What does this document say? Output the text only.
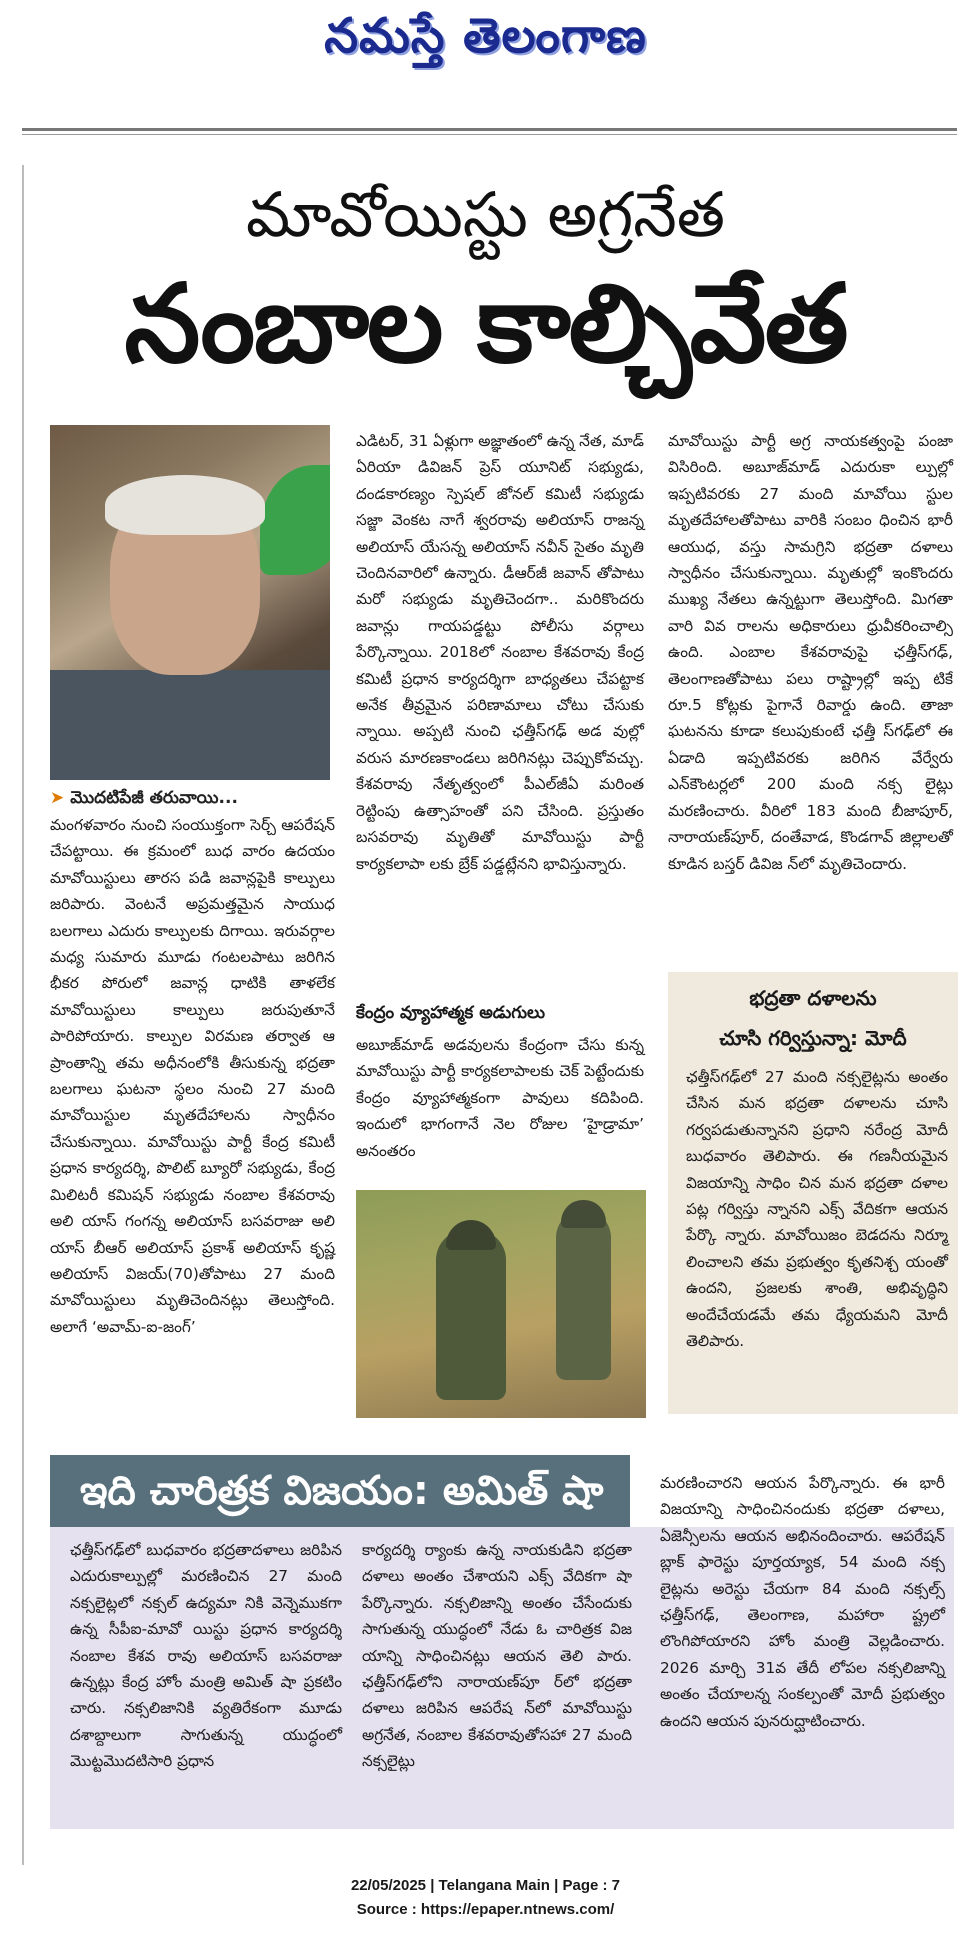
నమస్తే తెలంగాణ
మావోయిస్టు అగ్రనేత
నంబాల కాల్చివేత
➤ మొదటిపేజీ తరువాయి...
మంగళవారం నుంచి సంయుక్తంగా సెర్చ్ ఆపరేషన్ చేపట్టాయి. ఈ క్రమంలో బుధ వారం ఉదయం మావోయిస్టులు తారస పడి జవాన్లపైకి కాల్పులు జరిపారు. వెంటనే అప్రమత్తమైన సాయుధ బలగాలు ఎదురు కాల్పులకు దిగాయి. ఇరువర్గాల మధ్య సుమారు మూడు గంటలపాటు జరిగిన భీకర పోరులో జవాన్ల ధాటికి తాళలేక మావోయిస్టులు కాల్పులు జరుపుతూనే పారిపోయారు. కాల్పుల విరమణ తర్వాత ఆ ప్రాంతాన్ని తమ అధీనంలోకి తీసుకున్న భద్రతా బలగాలు ఘటనా స్థలం నుంచి 27 మంది మావోయిస్టుల మృతదేహాలను స్వాధీనం చేసుకున్నాయి. మావోయిస్టు పార్టీ కేంద్ర కమిటీ ప్రధాన కార్యదర్శి, పొలిట్ బ్యూరో సభ్యుడు, కేంద్ర మిలిటరీ కమిషన్ సభ్యుడు నంబాల కేశవరావు అలి యాస్ గంగన్న అలియాస్ బసవరాజు అలి యాస్ బీఆర్ అలియాస్ ప్రకాశ్ అలియాస్ కృష్ణ అలియాస్ విజయ్(70)తోపాటు 27 మంది మావోయిస్టులు మృతిచెందినట్లు తెలుస్తోంది. అలాగే ‘అవామ్-ఐ-జంగ్’
ఎడిటర్, 31 ఏళ్లుగా అజ్ఞాతంలో ఉన్న నేత, మాడ్ ఏరియా డివిజన్ ప్రెస్ యూనిట్ సభ్యుడు, దండకారణ్యం స్పెషల్ జోనల్ కమిటీ సభ్యుడు సజ్జా వెంకట నాగే శ్వరరావు అలియాస్ రాజన్న అలియాస్ యేసన్న అలియాస్ నవీన్ సైతం మృతి చెందినవారిలో ఉన్నారు. డీఆర్‌జీ జవాన్ తోపాటు మరో సభ్యుడు మృతిచెందగా.. మరికొందరు జవాన్లు గాయపడ్డట్టు పోలీసు వర్గాలు పేర్కొన్నాయి. 2018లో నంబాల కేశవరావు కేంద్ర కమిటీ ప్రధాన కార్యదర్శిగా బాధ్యతలు చేపట్టాక అనేక తీవ్రమైన పరిణామాలు చోటు చేసుకు న్నాయి. అప్పటి నుంచి ఛత్తీస్‌గఢ్ అడ వుల్లో వరుస మారణకాండలు జరిగినట్లు చెప్పుకోవచ్చు. కేశవరావు నేతృత్వంలో పీఎల్‌జీఏ మరింత రెట్టింపు ఉత్సాహంతో పని చేసింది. ప్రస్తుతం బసవరావు మృతితో మావోయిస్టు పార్టీ కార్యకలాపా లకు బ్రేక్ పడ్డట్లేనని భావిస్తున్నారు.
కేంద్రం వ్యూహాత్మక అడుగులు
అబూజ్‌మాడ్ అడవులను కేంద్రంగా చేసు కున్న మావోయిస్టు పార్టీ కార్యకలాపాలకు చెక్ పెట్టేందుకు కేంద్రం వ్యూహాత్మకంగా పావులు కదిపింది. ఇందులో భాగంగానే నెల రోజుల ‘హైడ్రామా’ అనంతరం
మావోయిస్టు పార్టీ అగ్ర నాయకత్వంపై పంజా విసిరింది. అబూజ్‌మాడ్ ఎదురుకా ల్పుల్లో ఇప్పటివరకు 27 మంది మావోయి స్టుల మృతదేహాలతోపాటు వారికి సంబం ధించిన భారీ ఆయుధ, వస్తు సామగ్రిని భద్రతా దళాలు స్వాధీనం చేసుకున్నాయి. మృతుల్లో ఇంకొందరు ముఖ్య నేతలు ఉన్నట్టుగా తెలుస్తోంది. మిగతా వారి వివ రాలను అధికారులు ధ్రువీకరించాల్సి ఉంది. ఎంబాల కేశవరావుపై ఛత్తీస్‌గఢ్, తెలంగాణతోపాటు పలు రాష్ట్రాల్లో ఇప్ప టికే రూ.5 కోట్లకు పైగానే రివార్డు ఉంది. తాజా ఘటనను కూడా కలుపుకుంటే ఛత్తీ స్‌గఢ్‌లో ఈ ఏడాది ఇప్పటివరకు జరిగిన వేర్వేరు ఎన్‌కౌంటర్లలో 200 మంది నక్స లైట్లు మరణించారు. వీరిలో 183 మంది బీజాపూర్, నారాయణ్‌పూర్, దంతేవాడ, కొండగావ్ జిల్లాలతో కూడిన బస్తర్ డివిజ న్‌లో మృతిచెందారు.
భద్రతా దళాలను
చూసి గర్విస్తున్నా: మోదీ
ఛత్తీస్‌గఢ్‌లో 27 మంది నక్సలైట్లను అంతం చేసిన మన భద్రతా దళాలను చూసి గర్వపడుతున్నానని ప్రధాని నరేంద్ర మోదీ బుధవారం తెలిపారు. ఈ గణనీయమైన విజయాన్ని సాధిం చిన మన భద్రతా దళాల పట్ల గర్విస్తు న్నానని ఎక్స్ వేదికగా ఆయన పేర్కొ న్నారు. మావోయిజం బెడదను నిర్మూ లించాలని తమ ప్రభుత్వం కృతనిశ్చ యంతో ఉందని, ప్రజలకు శాంతి, అభివృద్ధిని అందేచేయడమే తమ ధ్యేయమని మోదీ తెలిపారు.
ఇది చారిత్రక విజయం: అమిత్ షా
ఛత్తీస్‌గఢ్‌లో బుధవారం భద్రతాదళాలు జరిపిన ఎదురుకాల్పుల్లో మరణించిన 27 మంది నక్సలైట్లలో నక్సల్ ఉద్యమా నికి వెన్నెముకగా ఉన్న సీపీఐ-మావో యిస్టు ప్రధాన కార్యదర్శి నంబాల కేశవ రావు అలియాస్ బసవరాజు ఉన్నట్లు కేంద్ర హోం మంత్రి అమిత్ షా ప్రకటిం చారు. నక్సలిజానికి వ్యతిరేకంగా మూడు దశాబ్దాలుగా సాగుతున్న యుద్ధంలో మొట్టమొదటిసారి ప్రధాన
కార్యదర్శి ర్యాంకు ఉన్న నాయకుడిని భద్రతా దళాలు అంతం చేశాయని ఎక్స్ వేదికగా షా పేర్కొన్నారు. నక్సలిజాన్ని అంతం చేసేందుకు సాగుతున్న యుద్ధంలో నేడు ఓ చారిత్రక విజ యాన్ని సాధించినట్లు ఆయన తెలి పారు. ఛత్తీస్‌గఢ్‌లోని నారాయణ్‌పూ ర్‌లో భద్రతా దళాలు జరిపిన ఆపరేష న్‌లో మావోయిస్టు అగ్రనేత, నంబాల కేశవరావుతోసహా 27 మంది నక్సలైట్లు
మరణించారని ఆయన పేర్కొన్నారు. ఈ భారీ విజయాన్ని సాధించినందుకు భద్రతా దళాలు, ఏజెన్సీలను ఆయన అభినందించారు. ఆపరేషన్ బ్లాక్ ఫారెస్టు పూర్తయ్యాక, 54 మంది నక్స లైట్లను అరెస్టు చేయగా 84 మంది నక్సల్స్ ఛత్తీస్‌గఢ్, తెలంగాణ, మహారా ష్ట్రలో లొంగిపోయారని హోం మంత్రి వెల్లడించారు. 2026 మార్చి 31వ తేదీ లోపల నక్సలిజాన్ని అంతం చేయాలన్న సంకల్పంతో మోదీ ప్రభుత్వం ఉందని ఆయన పునరుద్ఘాటించారు.
22/05/2025 | Telangana Main | Page : 7
Source : https://epaper.ntnews.com/
